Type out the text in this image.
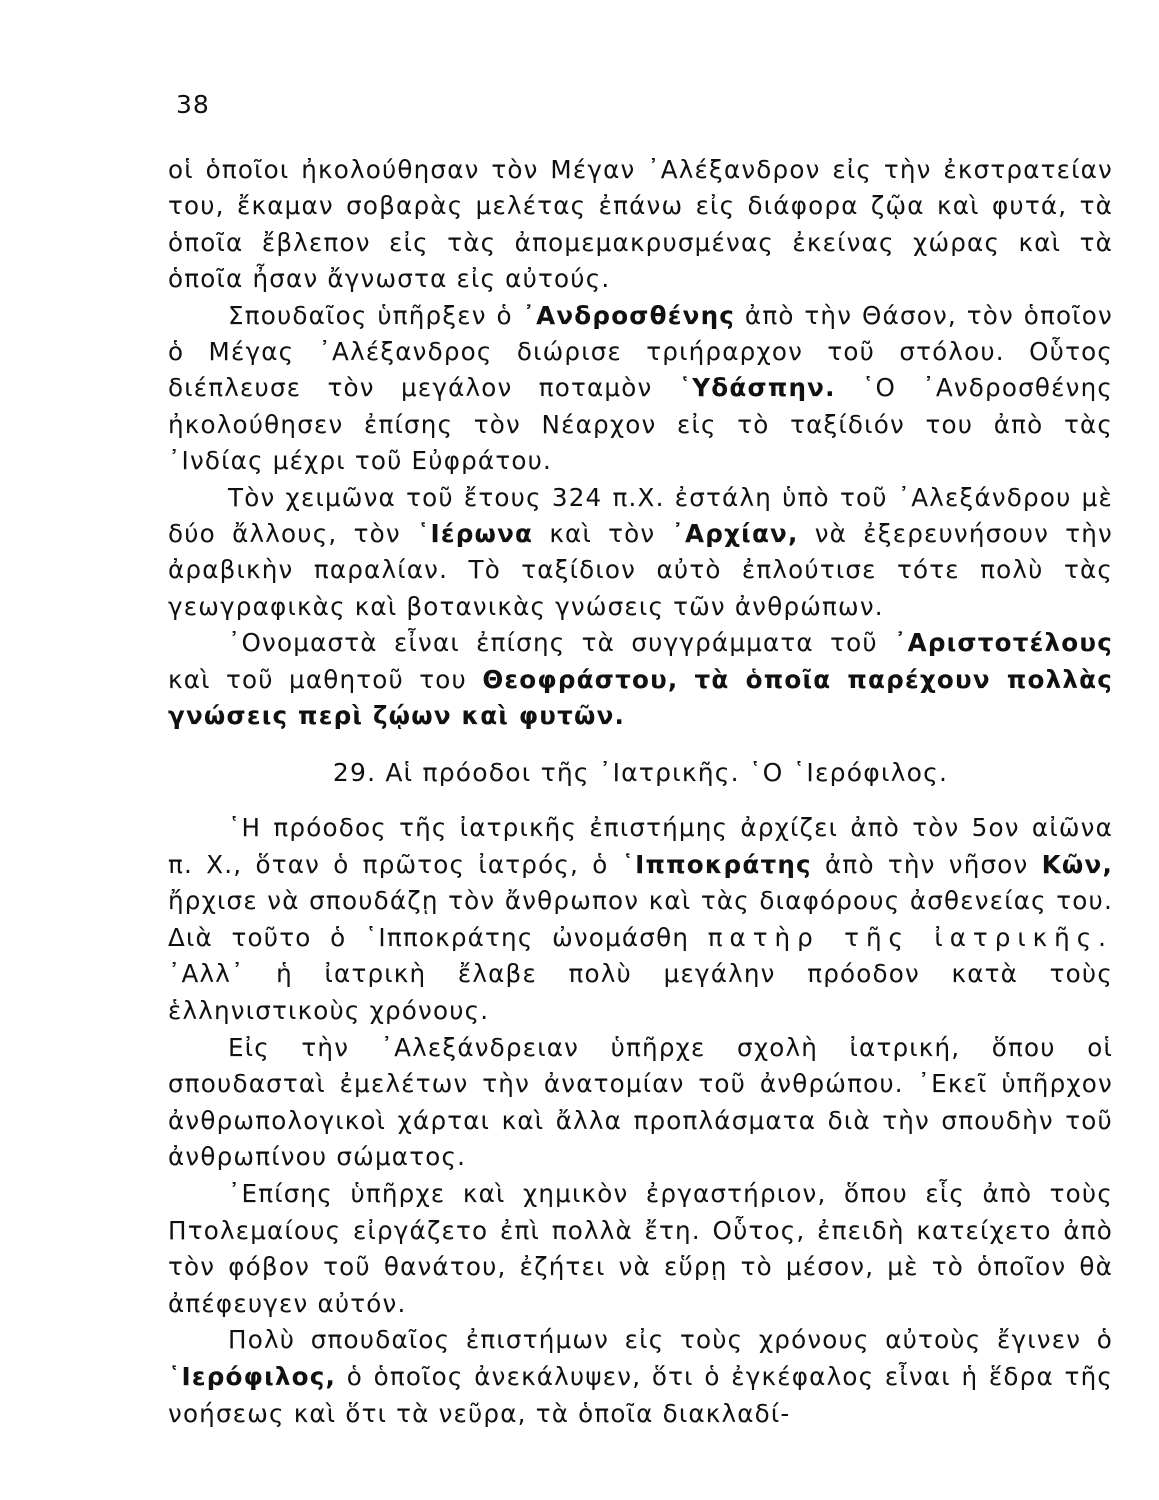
38

οἱ ὁποῖοι ἠκολούθησαν τὸν Μέγαν ᾿Αλέξανδρον εἰς τὴν ἐκστρατείαν του, ἔκαμαν σοβαρὰς μελέτας ἐπάνω εἰς διάφορα ζῷα καὶ φυτά, τὰ ὁποῖα ἔβλεπον εἰς τὰς ἀπομεμακρυσμένας ἐκείνας χώρας καὶ τὰ ὁποῖα ἦσαν ἄγνωστα εἰς αὐτούς.

Σπουδαῖος ὑπῆρξεν ὁ ᾿Ανδροσθένης ἀπὸ τὴν Θάσον, τὸν ὁποῖον ὁ Μέγας ᾿Αλέξανδρος διώρισε τριήραρχον τοῦ στόλου. Οὗτος διέπλευσε τὸν μεγάλον ποταμὸν ῾Υδάσπην. ῾Ο ᾿Ανδροσθένης ἠκολούθησεν ἐπίσης τὸν Νέαρχον εἰς τὸ ταξίδιόν του ἀπὸ τὰς ᾿Ινδίας μέχρι τοῦ Εὐφράτου.

Τὸν χειμῶνα τοῦ ἔτους 324 π.Χ. ἐστάλη ὑπὸ τοῦ ᾿Αλεξάνδρου μὲ δύο ἄλλους, τὸν ῾Ιέρωνα καὶ τὸν ᾿Αρχίαν, νὰ ἐξερευνήσουν τὴν ἀραβικὴν παραλίαν. Τὸ ταξίδιον αὐτὸ ἐπλούτισε τότε πολὺ τὰς γεωγραφικὰς καὶ βοτανικὰς γνώσεις τῶν ἀνθρώπων.

᾿Ονομαστὰ εἶναι ἐπίσης τὰ συγγράμματα τοῦ ᾿Αριστοτέλους καὶ τοῦ μαθητοῦ του Θεοφράστου, τὰ ὁποῖα παρέχουν πολλὰς γνώσεις περὶ ζῴων καὶ φυτῶν.

29. Αἱ πρόοδοι τῆς ᾿Ιατρικῆς. ῾Ο ῾Ιερόφιλος.

῾Η πρόοδος τῆς ἰατρικῆς ἐπιστήμης ἀρχίζει ἀπὸ τὸν 5ον αἰῶνα π. Χ., ὅταν ὁ πρῶτος ἰατρός, ὁ ῾Ιπποκράτης ἀπὸ τὴν νῆσον Κῶν, ἤρχισε νὰ σπουδάζῃ τὸν ἄνθρωπον καὶ τὰς διαφόρους ἀσθενείας του. Διὰ τοῦτο ὁ ῾Ιπποκράτης ὠνομάσθη πατὴρ τῆς ἰατρικῆς. ᾿Αλλ᾿ ἡ ἰατρικὴ ἔλαβε πολὺ μεγάλην πρόοδον κατὰ τοὺς ἑλληνιστικοὺς χρόνους.

Εἰς τὴν ᾿Αλεξάνδρειαν ὑπῆρχε σχολὴ ἰατρική, ὅπου οἱ σπουδασταὶ ἐμελέτων τὴν ἀνατομίαν τοῦ ἀνθρώπου. ᾿Εκεῖ ὑπῆρχον ἀνθρωπολογικοὶ χάρται καὶ ἄλλα προπλάσματα διὰ τὴν σπουδὴν τοῦ ἀνθρωπίνου σώματος.

᾿Επίσης ὑπῆρχε καὶ χημικὸν ἐργαστήριον, ὅπου εἷς ἀπὸ τοὺς Πτολεμαίους εἰργάζετο ἐπὶ πολλὰ ἔτη. Οὗτος, ἐπειδὴ κατείχετο ἀπὸ τὸν φόβον τοῦ θανάτου, ἐζήτει νὰ εὕρῃ τὸ μέσον, μὲ τὸ ὁποῖον θὰ ἀπέφευγεν αὐτόν.

Πολὺ σπουδαῖος ἐπιστήμων εἰς τοὺς χρόνους αὐτοὺς ἔγινεν ὁ ῾Ιερόφιλος, ὁ ὁποῖος ἀνεκάλυψεν, ὅτι ὁ ἐγκέφαλος εἶναι ἡ ἕδρα τῆς νοήσεως καὶ ὅτι τὰ νεῦρα, τὰ ὁποῖα διακλαδί-
